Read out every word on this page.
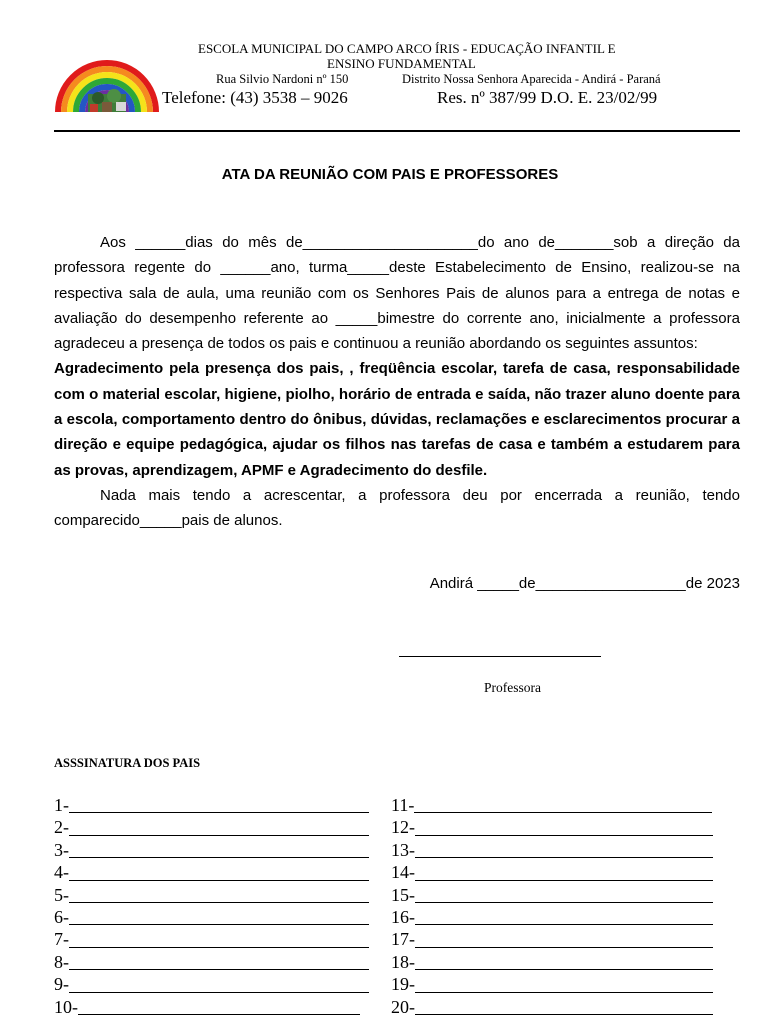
ESCOLA MUNICIPAL DO CAMPO ARCO ÍRIS - EDUCAÇÃO INFANTIL E
ENSINO FUNDAMENTAL
Rua Silvio Nardoni nº 150	Distrito Nossa Senhora Aparecida - Andirá - Paraná
Telefone: (43) 3538 – 9026	Res. nº 387/99 D.O. E. 23/02/99
ATA DA REUNIÃO COM PAIS E PROFESSORES

Aos ______dias do mês de_____________________do ano de_______sob a direção da professora regente do ______ano, turma_____deste Estabelecimento de Ensino, realizou-se na respectiva sala de aula, uma reunião com os Senhores Pais de alunos para a entrega de notas e avaliação do desempenho referente ao _____bimestre do corrente ano, inicialmente a professora agradeceu a presença de todos os pais e continuou a reunião abordando os seguintes assuntos:

Agradecimento pela presença dos pais, , freqüência escolar, tarefa de casa, responsabilidade com o material escolar, higiene, piolho, horário de entrada e saída, não trazer aluno doente para a escola, comportamento dentro do ônibus, dúvidas, reclamações e esclarecimentos procurar a direção e equipe pedagógica, ajudar os filhos nas tarefas de casa e também a estudarem para as provas, aprendizagem, APMF e Agradecimento do desfile.

Nada mais tendo a acrescentar, a professora deu por encerrada a reunião, tendo comparecido_____pais de alunos.

Andirá _____de__________________de 2023
Professora
ASSSINATURA DOS PAIS
1-
2-
3-
4-
5-
6-
7-
8-
9-
10-
11-
12-
13-
14-
15-
16-
17-
18-
19-
20-
